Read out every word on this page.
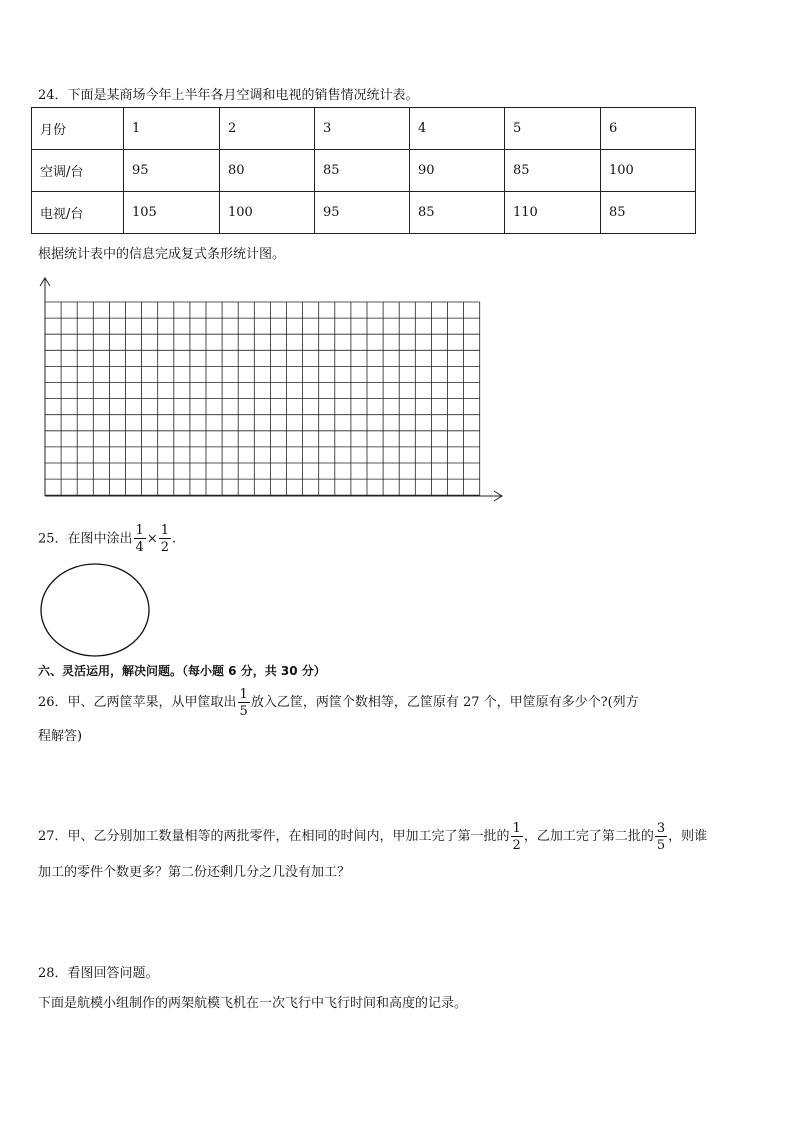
24．下面是某商场今年上半年各月空调和电视的销售情况统计表。
月份	1	2	3	4	5	6
空调/台	95	80	85	90	85	100
电视/台	105	100	95	85	110	85
根据统计表中的信息完成复式条形统计图。
25．在图中涂出 $\frac{1}{4} \times \frac{1}{2}$ .
六、灵活运用，解决问题。（每小题 6 分，共 30 分）
26．甲、乙两筐苹果，从甲筐取出 $\frac{1}{5}$ 放入乙筐，两筐个数相等，乙筐原有 27 个，甲筐原有多少个?(列方
程解答)
27．甲、乙分别加工数量相等的两批零件，在相同的时间内，甲加工完了第一批的 $\frac{1}{2}$ ，乙加工完了第二批的 $\frac{3}{5}$ ，则谁
加工的零件个数更多？第二份还剩几分之几没有加工？
28．看图回答问题。
下面是航模小组制作的两架航模飞机在一次飞行中飞行时间和高度的记录。
